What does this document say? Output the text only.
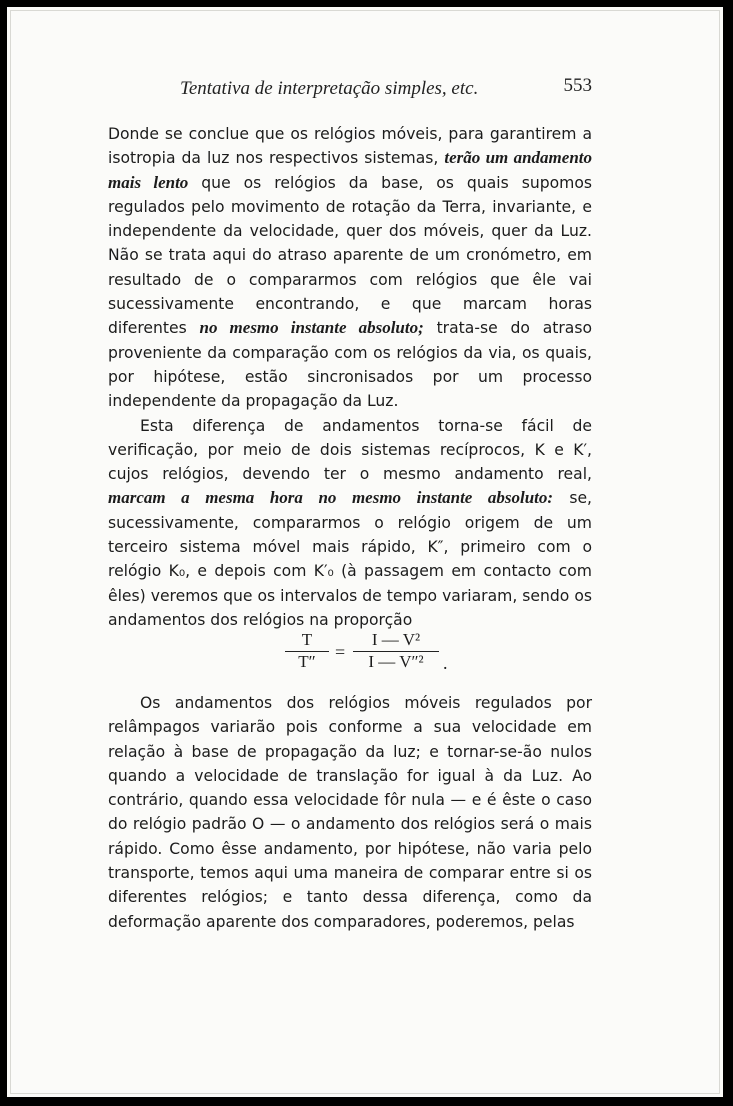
Tentativa de interpretação simples, etc.	553

Donde se conclue que os relógios móveis, para garantirem a isotropia da luz nos respectivos sistemas, terão um andamento mais lento que os relógios da base, os quais supomos regulados pelo movimento de rotação da Terra, invariante, e independente da velocidade, quer dos móveis, quer da Luz. Não se trata aqui do atraso aparente de um cronómetro, em resultado de o compararmos com relógios que êle vai sucessivamente encontrando, e que marcam horas diferentes no mesmo instante absoluto; trata-se do atraso proveniente da comparação com os relógios da via, os quais, por hipótese, estão sincronisados por um processo independente da propagação da Luz.

Esta diferença de andamentos torna-se fácil de verificação, por meio de dois sistemas recíprocos, K e K′, cujos relógios, devendo ter o mesmo andamento real, marcam a mesma hora no mesmo instante absoluto: se, sucessivamente, compararmos o relógio origem de um terceiro sistema móvel mais rápido, K″, primeiro com o relógio K₀, e depois com K′₀ (à passagem em contacto com êles) veremos que os intervalos de tempo variaram, sendo os andamentos dos relógios na proporção

$\frac{T}{T''} = \frac{\text{I — V²}}{\text{I — V″²}}$ .

Os andamentos dos relógios móveis regulados por relâmpagos variarão pois conforme a sua velocidade em relação à base de propagação da luz; e tornar-se-ão nulos quando a velocidade de translação for igual à da Luz. Ao contrário, quando essa velocidade fôr nula — e é êste o caso do relógio padrão O — o andamento dos relógios será o mais rápido. Como êsse andamento, por hipótese, não varia pelo transporte, temos aqui uma maneira de comparar entre si os diferentes relógios; e tanto dessa diferença, como da deformação aparente dos comparadores, poderemos, pelas
